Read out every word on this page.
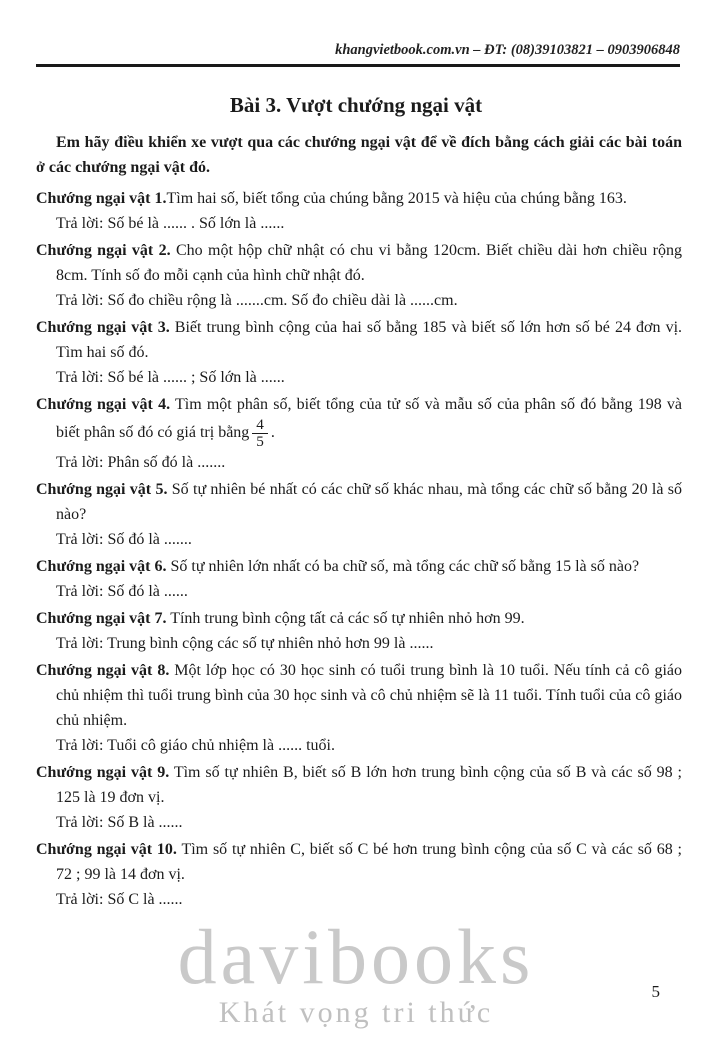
khangvietbook.com.vn – ĐT: (08)39103821 – 0903906848
Bài 3. Vượt chướng ngại vật

Em hãy điều khiển xe vượt qua các chướng ngại vật để về đích bằng cách giải các bài toán ở các chướng ngại vật đó.

Chướng ngại vật 1.Tìm hai số, biết tổng của chúng bằng 2015 và hiệu của chúng bằng 163.

Trả lời: Số bé là ...... . Số lớn là ......

Chướng ngại vật 2. Cho một hộp chữ nhật có chu vi bằng 120cm. Biết chiều dài hơn chiều rộng 8cm. Tính số đo mỗi cạnh của hình chữ nhật đó.

Trả lời: Số đo chiều rộng là .......cm. Số đo chiều dài là ......cm.

Chướng ngại vật 3. Biết trung bình cộng của hai số bằng 185 và biết số lớn hơn số bé 24 đơn vị. Tìm hai số đó.

Trả lời: Số bé là ...... ; Số lớn là ......

Chướng ngại vật 4. Tìm một phân số, biết tổng của tử số và mẫu số của phân số đó bằng 198 và biết phân số đó có giá trị bằng $\frac{4}{5}$ .

Trả lời: Phân số đó là .......

Chướng ngại vật 5. Số tự nhiên bé nhất có các chữ số khác nhau, mà tổng các chữ số bằng 20 là số nào?

Trả lời: Số đó là .......

Chướng ngại vật 6. Số tự nhiên lớn nhất có ba chữ số, mà tổng các chữ số bằng 15 là số nào?

Trả lời: Số đó là ......

Chướng ngại vật 7. Tính trung bình cộng tất cả các số tự nhiên nhỏ hơn 99.

Trả lời: Trung bình cộng các số tự nhiên nhỏ hơn 99 là ......

Chướng ngại vật 8. Một lớp học có 30 học sinh có tuổi trung bình là 10 tuổi. Nếu tính cả cô giáo chủ nhiệm thì tuổi trung bình của 30 học sinh và cô chủ nhiệm sẽ là 11 tuổi. Tính tuổi của cô giáo chủ nhiệm.

Trả lời: Tuổi cô giáo chủ nhiệm là ...... tuổi.

Chướng ngại vật 9. Tìm số tự nhiên B, biết số B lớn hơn trung bình cộng của số B và các số 98 ; 125 là 19 đơn vị.

Trả lời: Số B là ......

Chướng ngại vật 10. Tìm số tự nhiên C, biết số C bé hơn trung bình cộng của số C và các số 68 ; 72 ; 99 là 14 đơn vị.

Trả lời: Số C là ......

davibooks
Khát vọng tri thức
5
